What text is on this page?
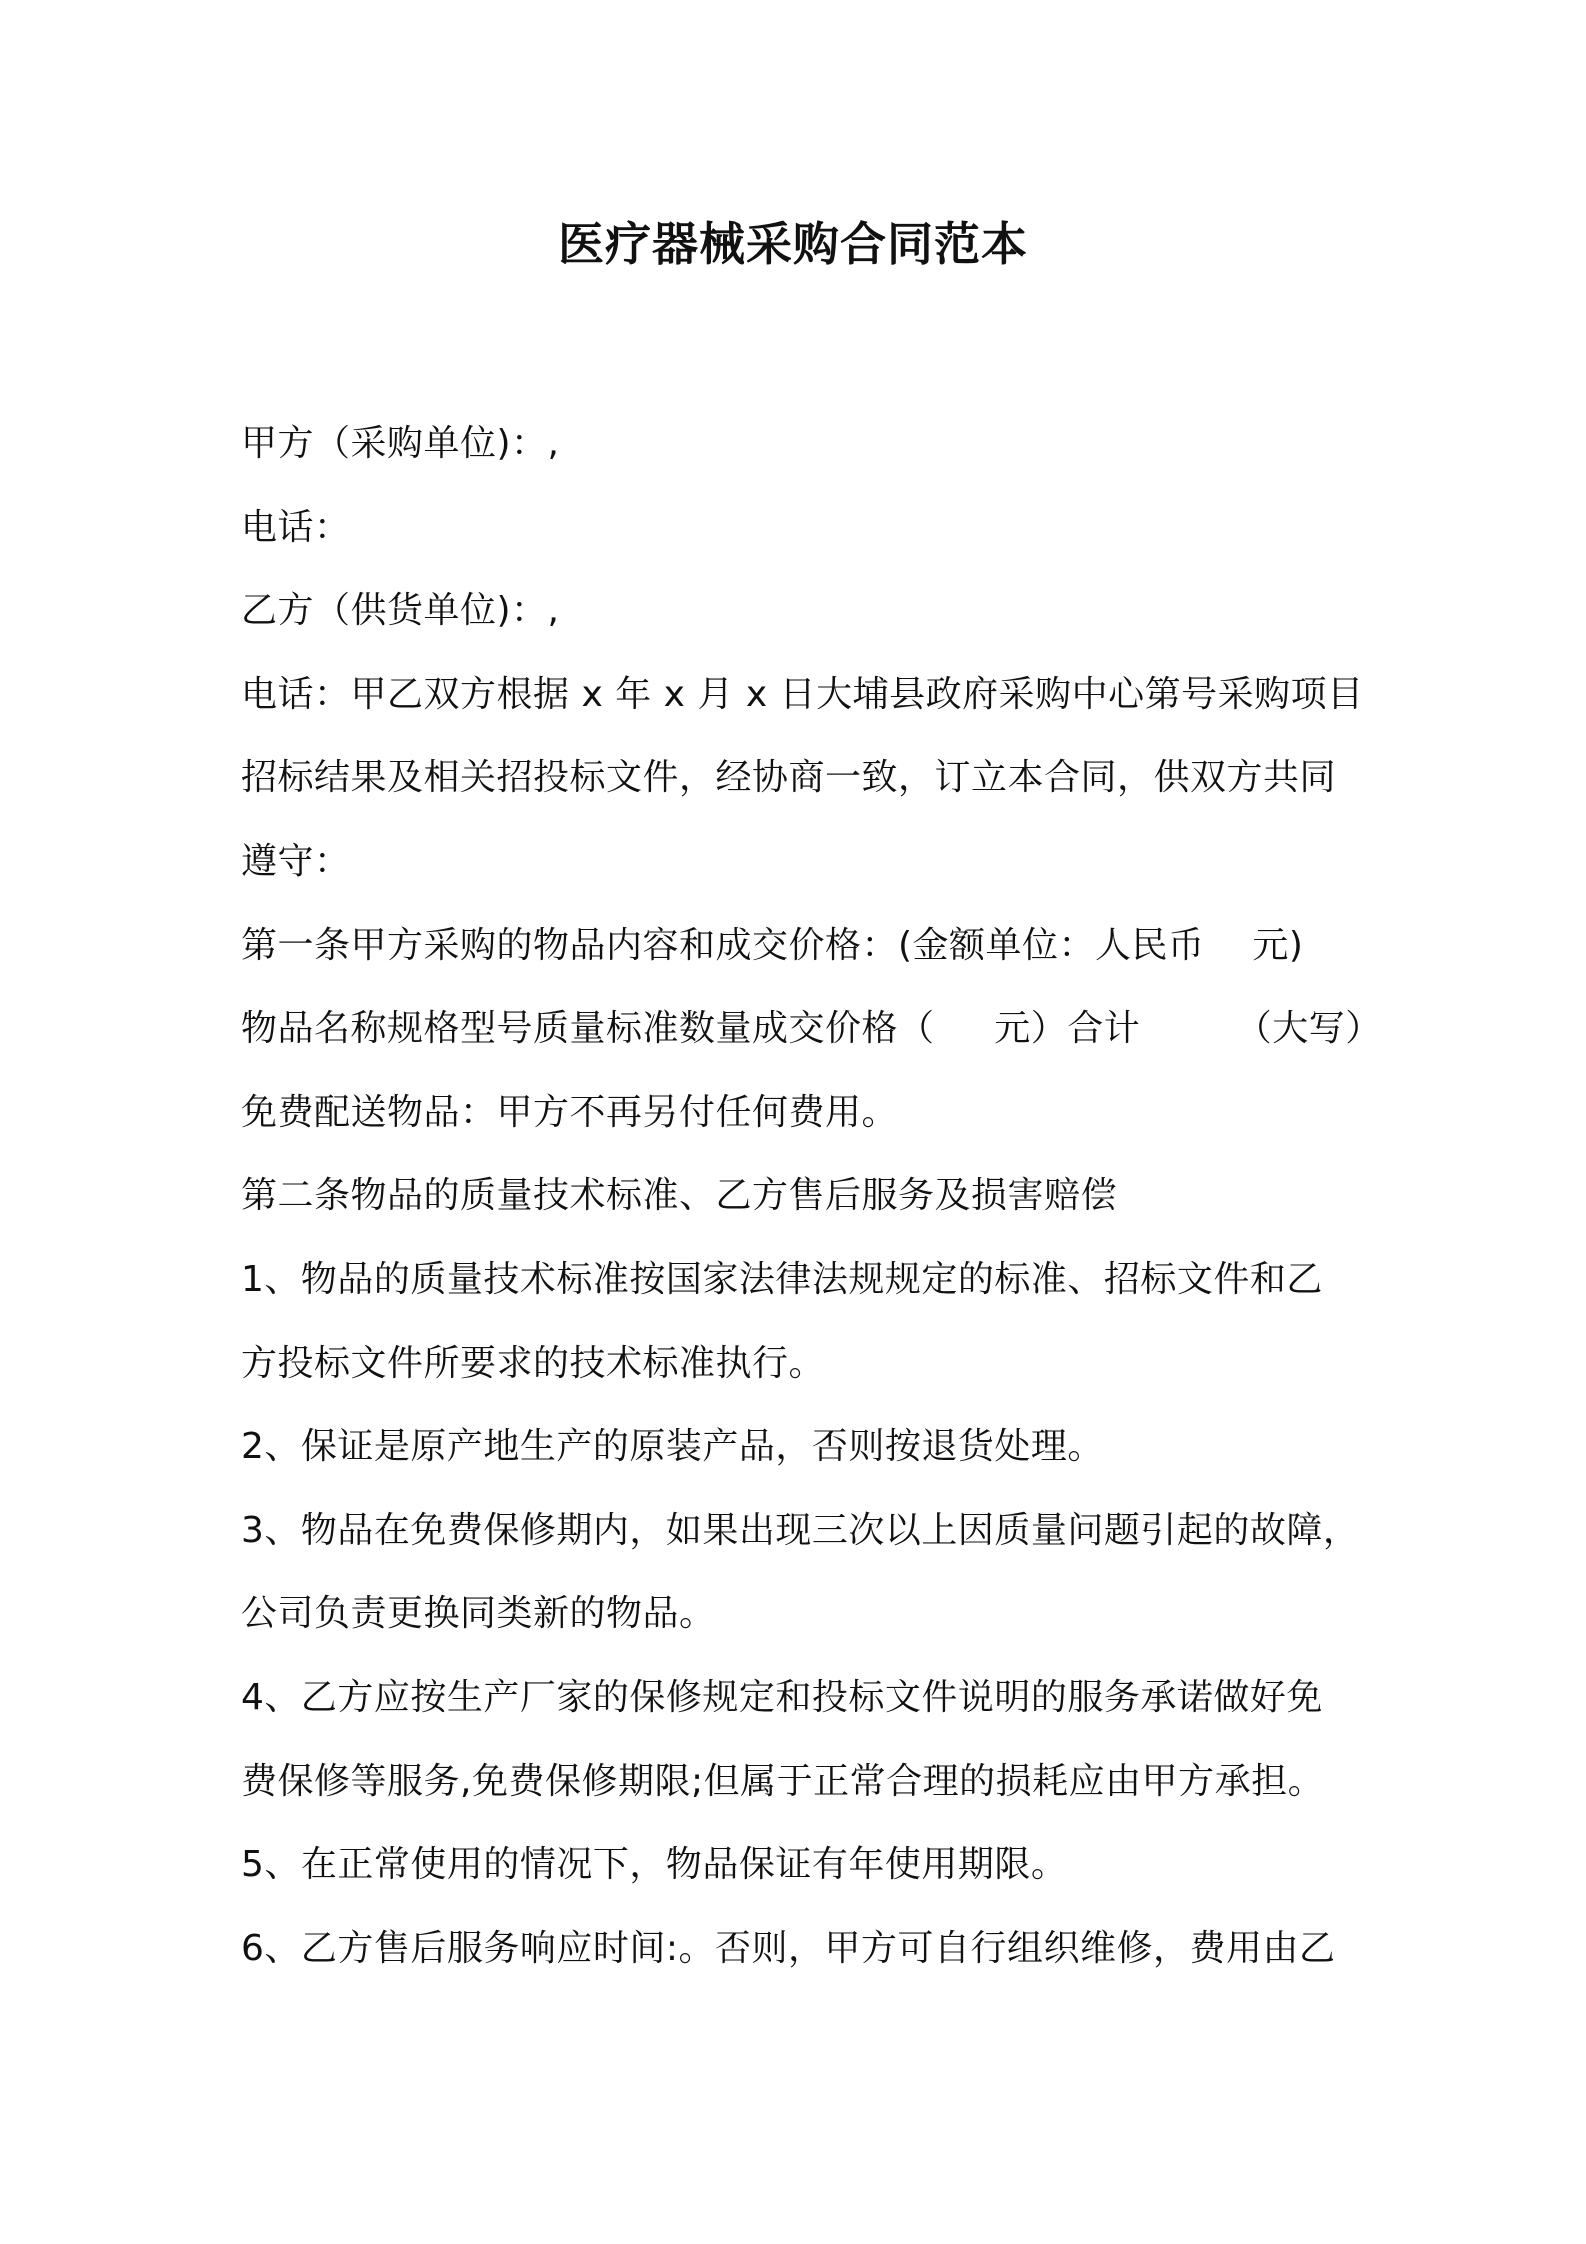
医疗器械采购合同范本
甲方（采购单位)：,
电话：
乙方（供货单位)：,
电话：甲乙双方根据 x 年 x 月 x 日大埔县政府采购中心第号采购项目
招标结果及相关招投标文件，经协商一致，订立本合同，供双方共同
遵守：
第一条甲方采购的物品内容和成交价格：(金额单位：人民币    元)
物品名称规格型号质量标准数量成交价格（     元）合计        （大写）
免费配送物品：甲方不再另付任何费用。
第二条物品的质量技术标准、乙方售后服务及损害赔偿
1、物品的质量技术标准按国家法律法规规定的标准、招标文件和乙
方投标文件所要求的技术标准执行。
2、保证是原产地生产的原装产品，否则按退货处理。
3、物品在免费保修期内，如果出现三次以上因质量问题引起的故障，
公司负责更换同类新的物品。
4、乙方应按生产厂家的保修规定和投标文件说明的服务承诺做好免
费保修等服务,免费保修期限;但属于正常合理的损耗应由甲方承担。
5、在正常使用的情况下，物品保证有年使用期限。
6、乙方售后服务响应时间:。否则，甲方可自行组织维修，费用由乙
